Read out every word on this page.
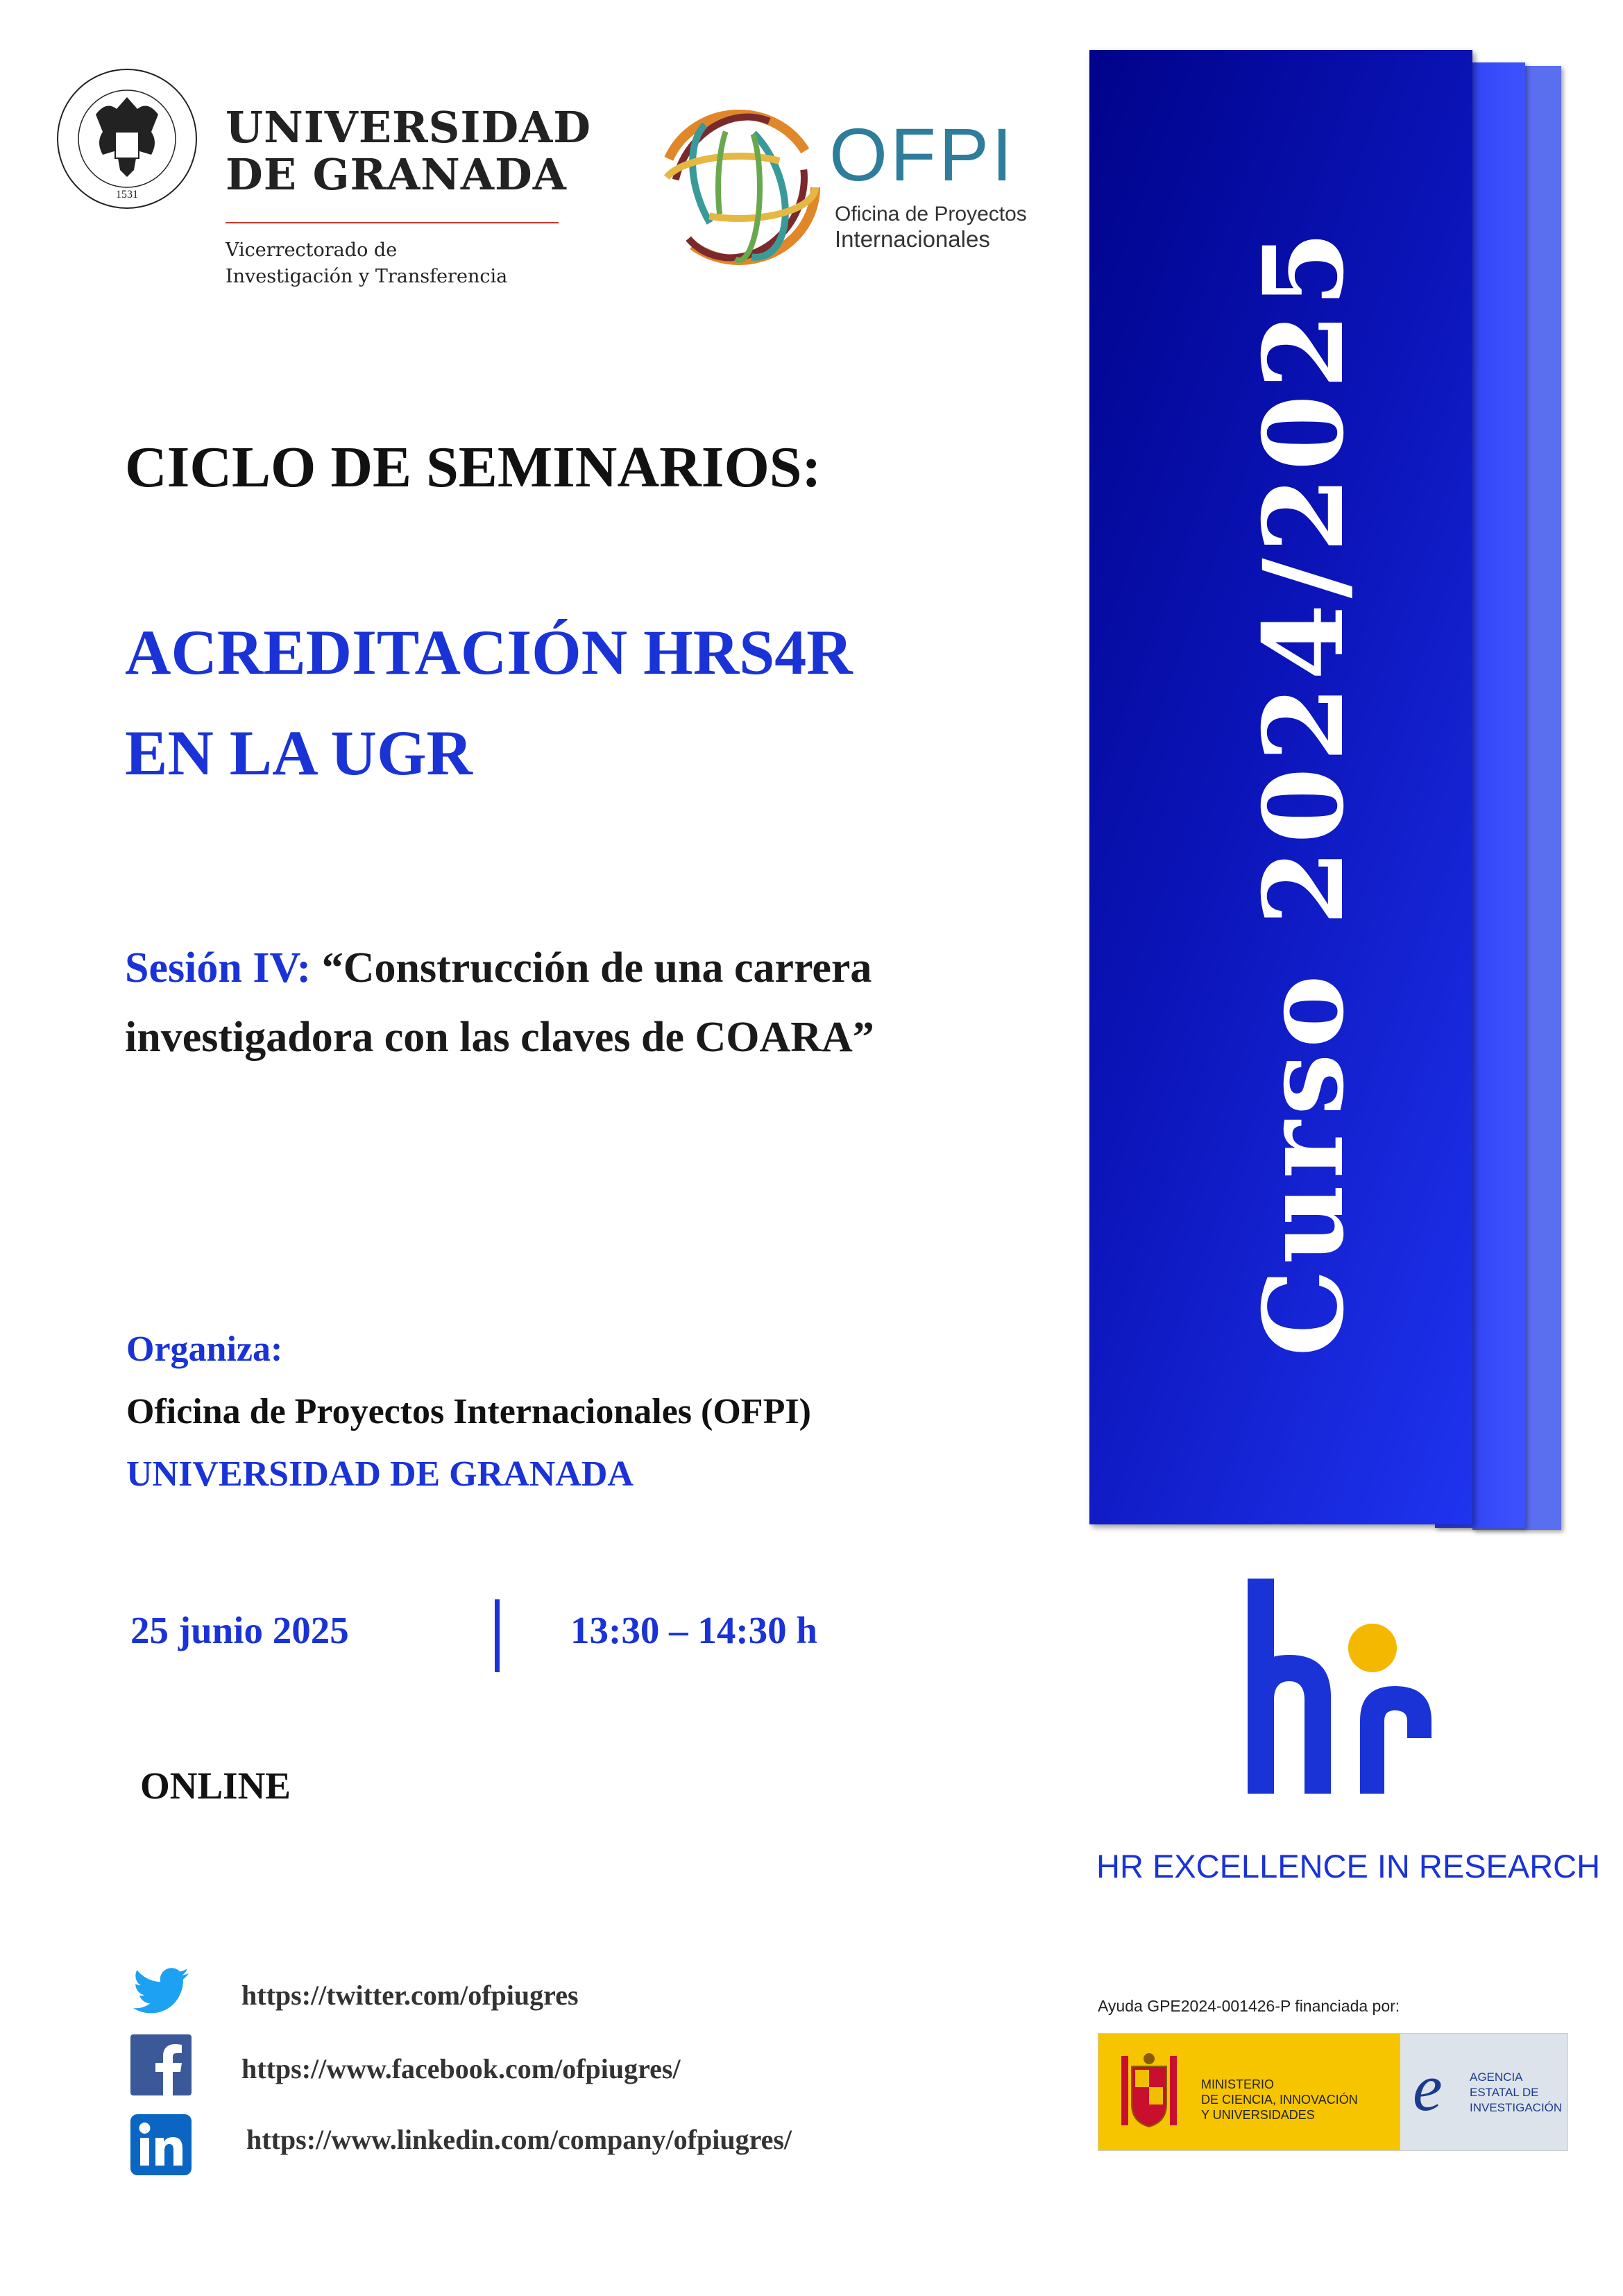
1531
UNIVERSIDAD
DE GRANADA
Vicerrectorado de
Investigación y Transferencia
OFPI
Oficina de Proyectos
Internacionales
CICLO DE SEMINARIOS:
ACREDITACIÓN HRS4R
EN LA UGR
Sesión IV: “Construcción de una carrera investigadora con las claves de COARA”
Organiza:
Oficina de Proyectos Internacionales (OFPI)
UNIVERSIDAD DE GRANADA
25 junio 2025	13:30 – 14:30 h
ONLINE
https://twitter.com/ofpiugres
https://www.facebook.com/ofpiugres/
https://www.linkedin.com/company/ofpiugres/
Curso 2024/2025
HR EXCELLENCE IN RESEARCH
Ayuda GPE2024-001426-P financiada por:
MINISTERIO
DE CIENCIA, INNOVACIÓN
Y UNIVERSIDADES	e AGENCIA
ESTATAL DE
INVESTIGACIÓN
